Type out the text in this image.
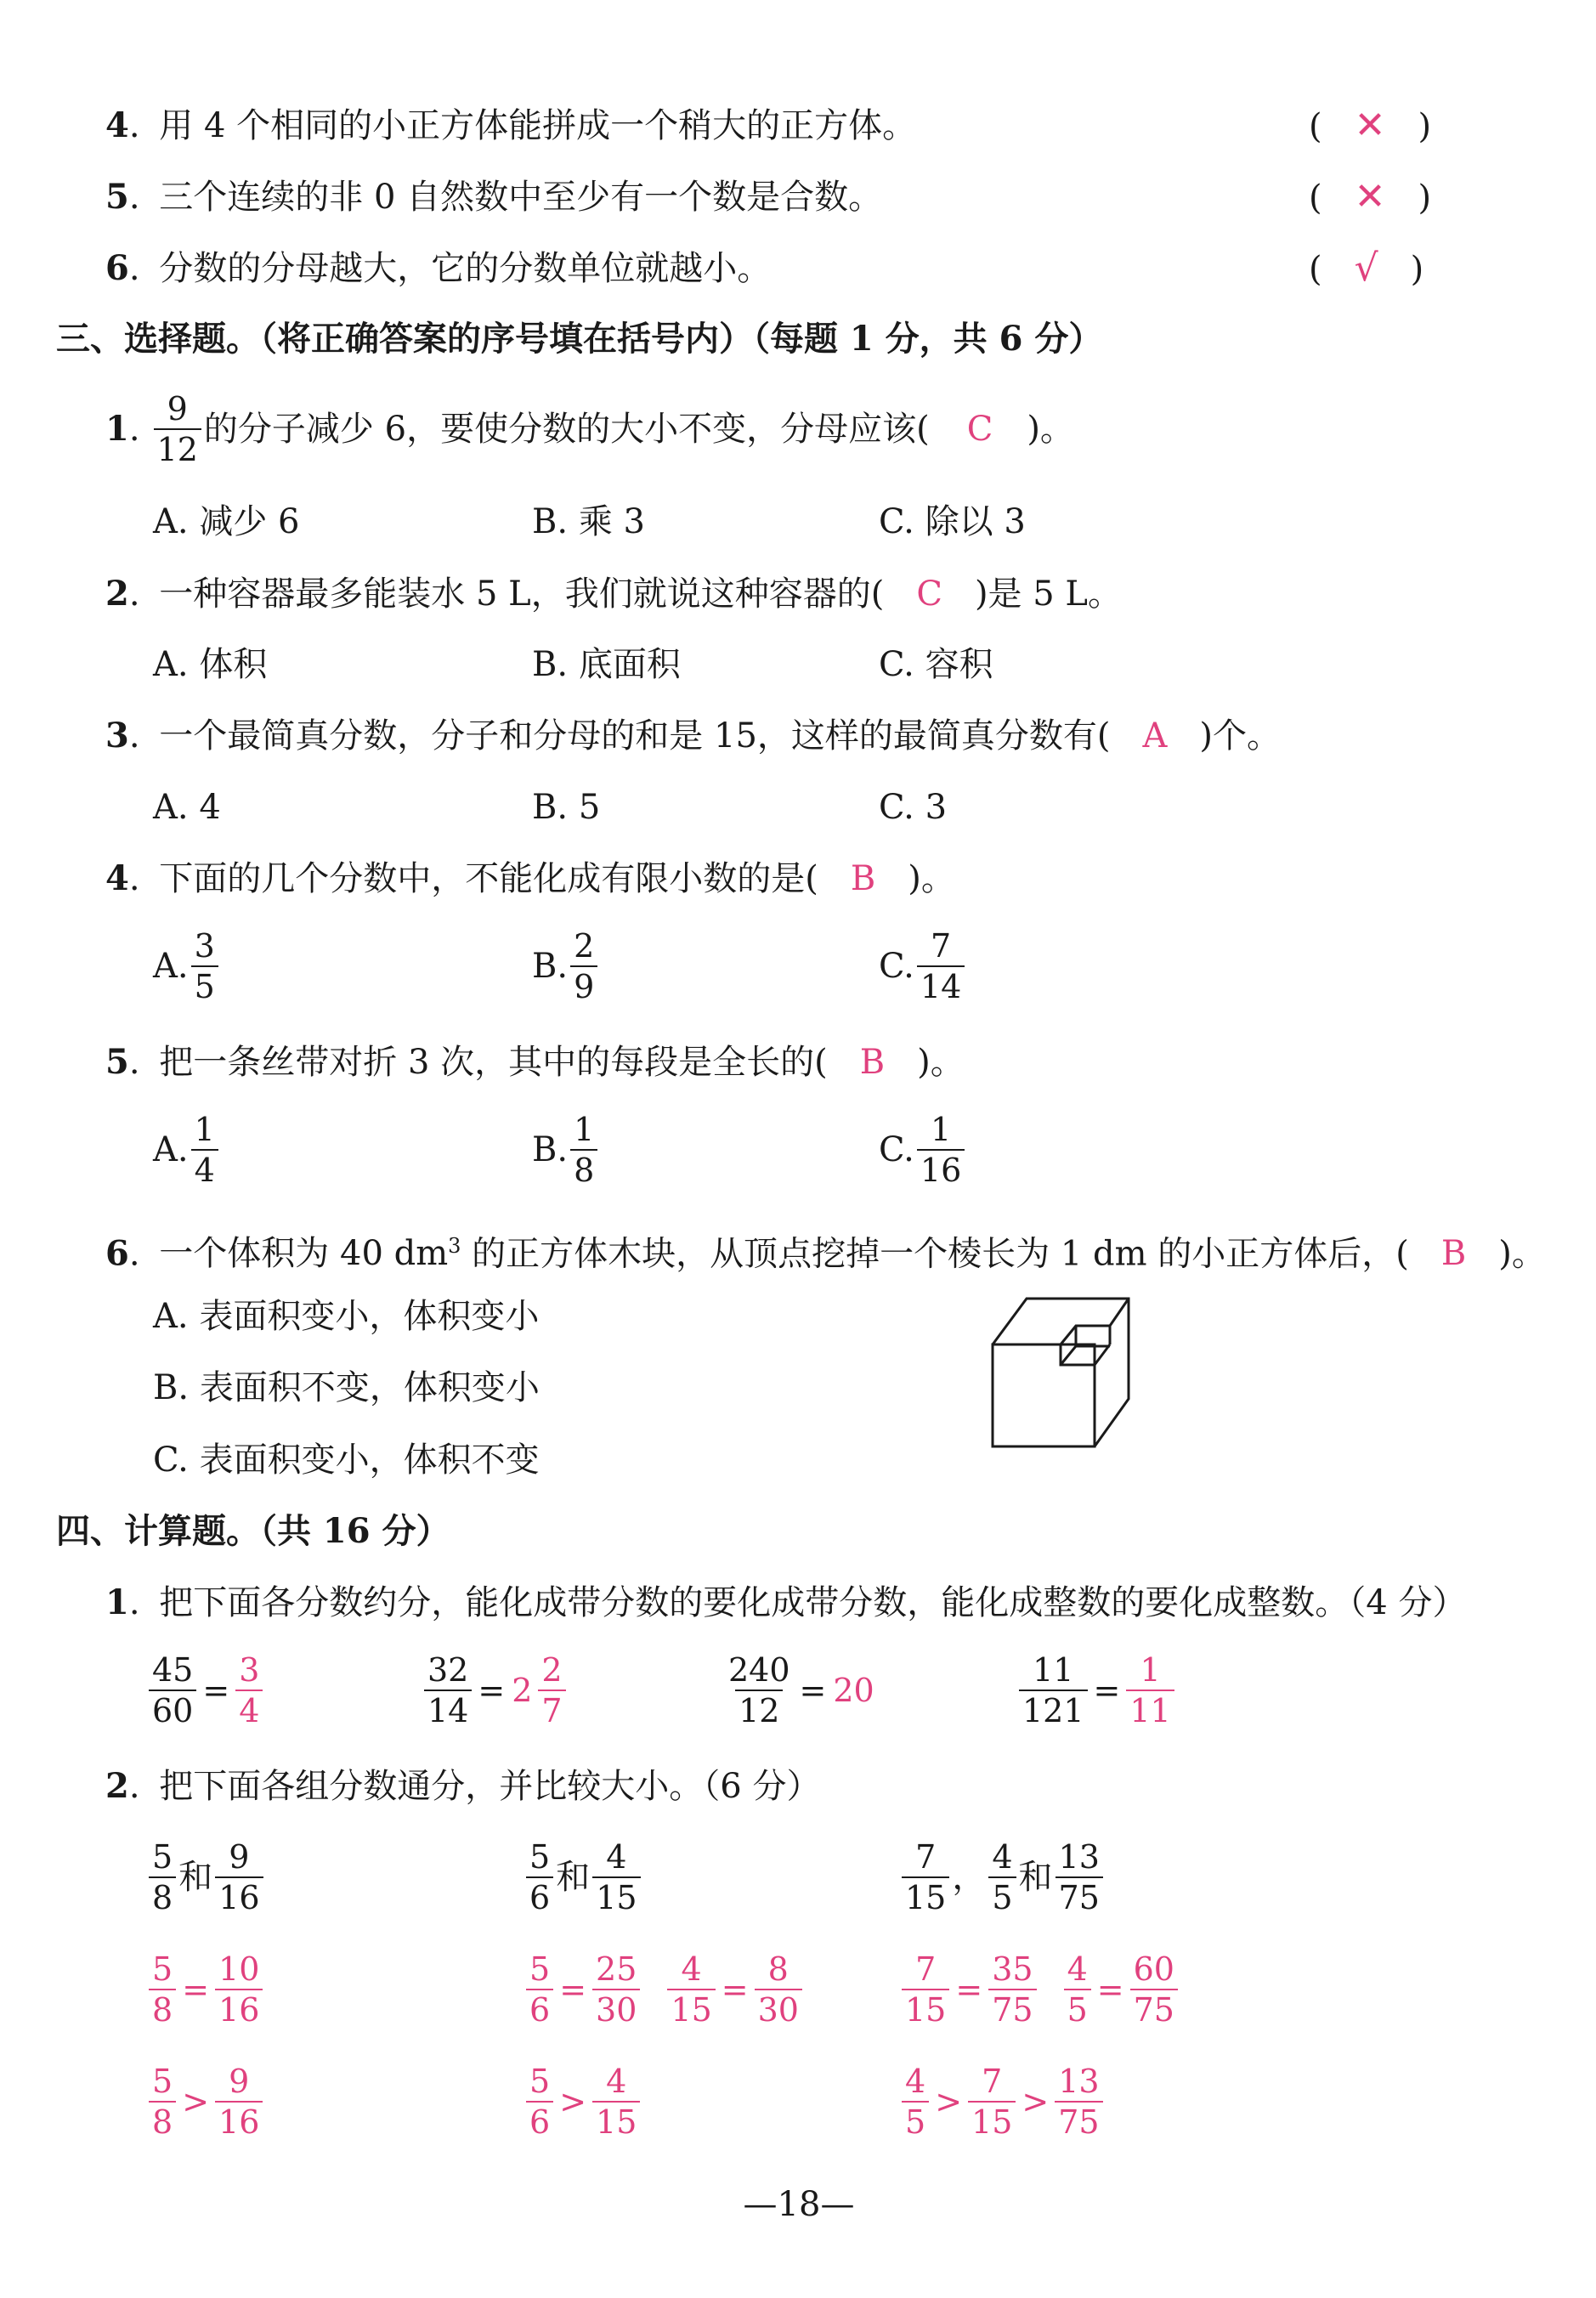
4. 用 4 个相同的小正方体能拼成一个稍大的正方体。	( ✕ )
5. 三个连续的非 0 自然数中至少有一个数是合数。	( ✕ )
6. 分数的分母越大，它的分数单位就越小。	( √ )
三、选择题。（将正确答案的序号填在括号内）（每题 1 分，共 6 分）
1 . $\frac{9}{12}$ 的分子减少 6，要使分数的大小不变，分母应该( C )。
A. 减少 6	B. 乘 3	C. 除以 3
2. 一种容器最多能装水 5 L，我们就说这种容器的( C )是 5 L。
A. 体积	B. 底面积	C. 容积
3. 一个最简真分数，分子和分母的和是 15，这样的最简真分数有( A )个。
A. 4	B. 5	C. 3
4. 下面的几个分数中，不能化成有限小数的是( B )。
A. $\frac{3}{5}$	B. $\frac{2}{9}$	C. $\frac{7}{14}$
5. 把一条丝带对折 3 次，其中的每段是全长的( B )。
A. $\frac{1}{4}$	B. $\frac{1}{8}$	C. $\frac{1}{16}$
6. 一个体积为 40 $dm^3$ 的正方体木块，从顶点挖掉一个棱长为 1 dm 的小正方体后，( B )。
A. 表面积变小，体积变小
B. 表面积不变，体积变小
C. 表面积变小，体积不变
四、计算题。（共 16 分）
1. 把下面各分数约分，能化成带分数的要化成带分数，能化成整数的要化成整数。（4 分）
$\frac{45}{60} = \frac{3}{4}$	$\frac{32}{14} = 2 \frac{2}{7}$	$\frac{240}{12} = 20$	$\frac{11}{121} = \frac{1}{11}$
2. 把下面各组分数通分，并比较大小。（6 分）
$\frac{5}{8}$ 和 $\frac{9}{16}$	$\frac{5}{6}$ 和 $\frac{4}{15}$	$\frac{7}{15}$ ， $\frac{4}{5}$ 和 $\frac{13}{75}$
$\frac{5}{8} = \frac{10}{16}$	$\frac{5}{6} = \frac{25}{30} \frac{4}{15} = \frac{8}{30}$	$\frac{7}{15} = \frac{35}{75} \frac{4}{5} = \frac{60}{75}$
$\frac{5}{8} > \frac{9}{16}$	$\frac{5}{6} > \frac{4}{15}$	$\frac{4}{5} > \frac{7}{15} > \frac{13}{75}$
—18—
